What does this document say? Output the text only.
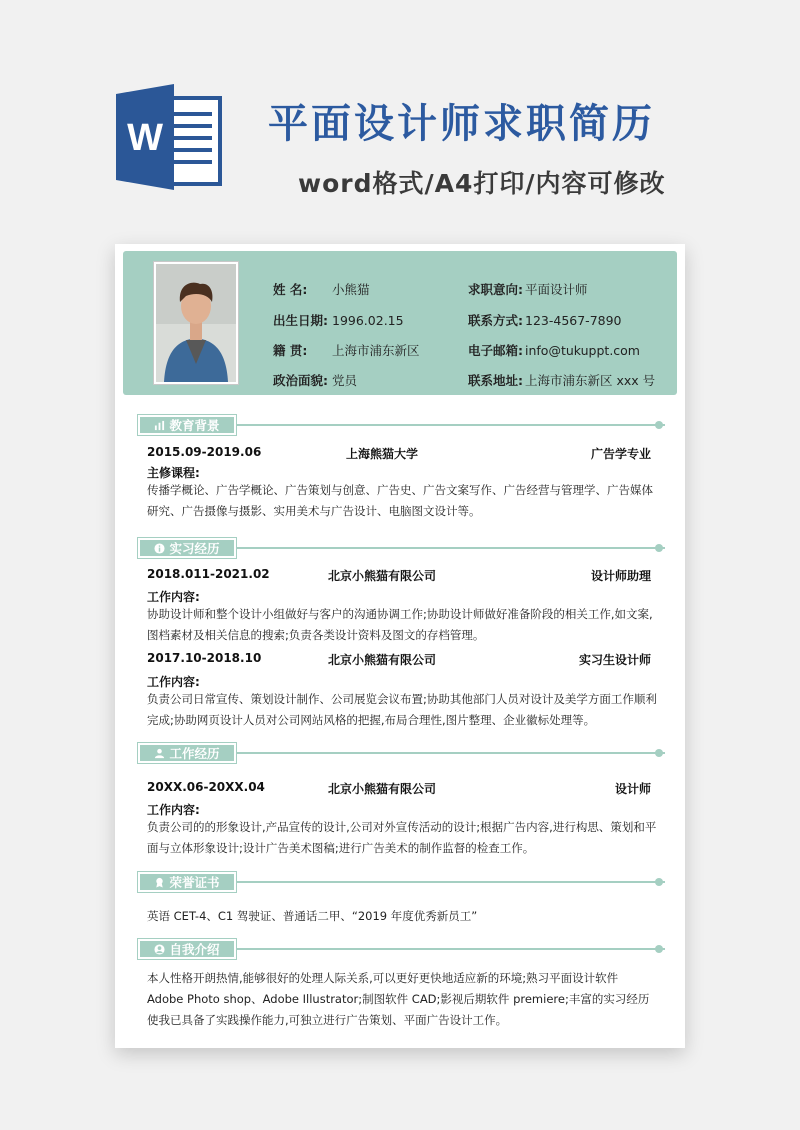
W	平面设计师求职简历
word格式/A4打印/内容可修改
姓 名: 小熊猫
出生日期: 1996.02.15
籍 贯: 上海市浦东新区
政治面貌: 党员
求职意向: 平面设计师
联系方式: 123-4567-7890
电子邮箱: info@tukuppt.com
联系地址: 上海市浦东新区 xxx 号
教育背景
2015.09-2019.06	上海熊猫大学	广告学专业
主修课程:
传播学概论、广告学概论、广告策划与创意、广告史、广告文案写作、广告经营与管理学、广告媒体研究、广告摄像与摄影、实用美术与广告设计、电脑图文设计等。
实习经历
2018.011-2021.02	北京小熊猫有限公司	设计师助理
工作内容:
协助设计师和整个设计小组做好与客户的沟通协调工作;协助设计师做好准备阶段的相关工作,如文案,图档素材及相关信息的搜索;负责各类设计资料及图文的存档管理。
2017.10-2018.10	北京小熊猫有限公司	实习生设计师
工作内容:
负责公司日常宣传、策划设计制作、公司展览会议布置;协助其他部门人员对设计及美学方面工作顺利完成;协助网页设计人员对公司网站风格的把握,布局合理性,图片整理、企业徽标处理等。
工作经历
20XX.06-20XX.04	北京小熊猫有限公司	设计师
工作内容:
负责公司的的形象设计,产品宣传的设计,公司对外宣传活动的设计;根据广告内容,进行构思、策划和平面与立体形象设计;设计广告美术图稿;进行广告美术的制作监督的检查工作。
荣誉证书
英语 CET-4、C1 驾驶证、普通话二甲、“2019 年度优秀新员工”
自我介绍
本人性格开朗热情,能够很好的处理人际关系,可以更好更快地适应新的环境;熟习平面设计软件 Adobe Photo shop、Adobe Illustrator;制图软件 CAD;影视后期软件 premiere;丰富的实习经历使我已具备了实践操作能力,可独立进行广告策划、平面广告设计工作。
